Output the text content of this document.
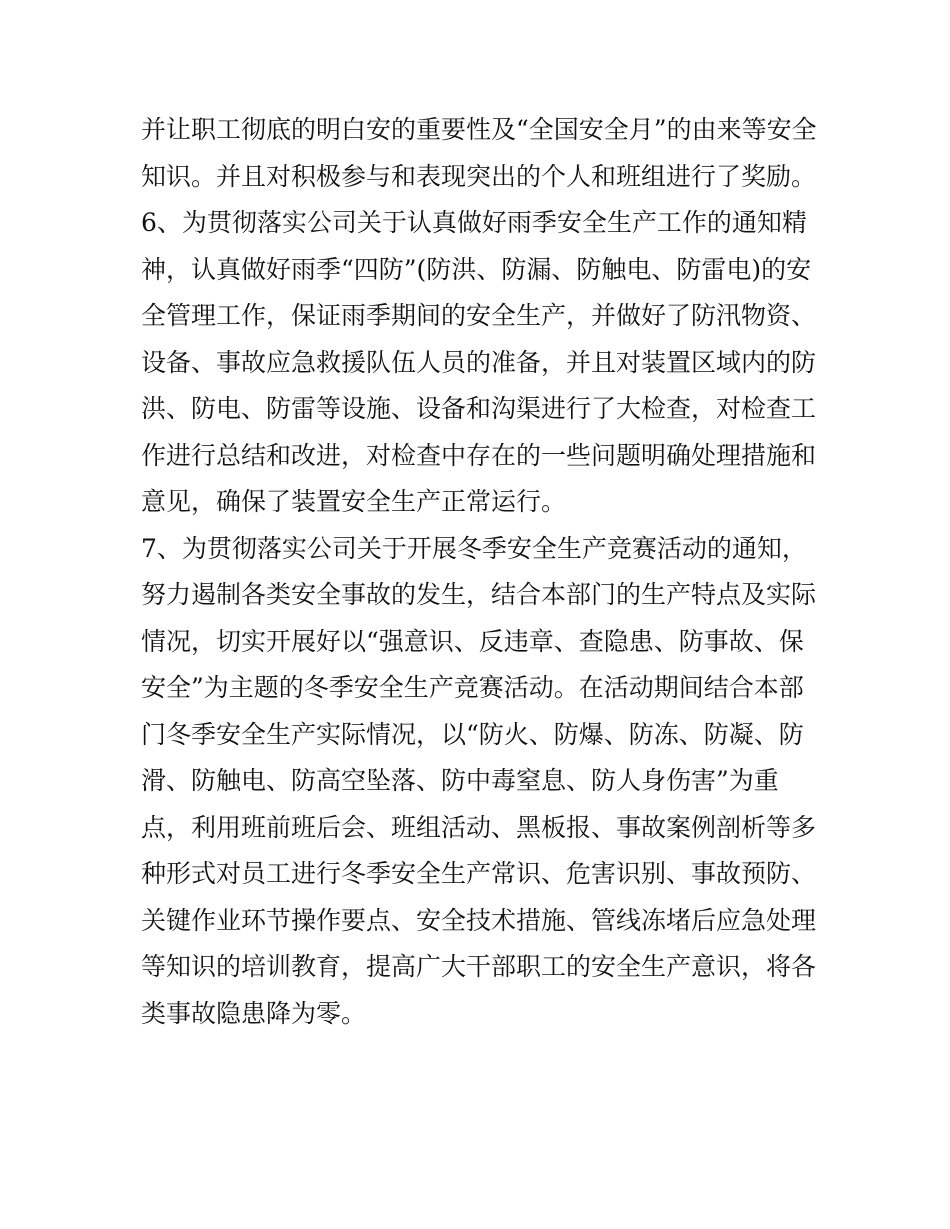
并让职工彻底的明白安的重要性及“全国安全月”的由来等安全
知识。并且对积极参与和表现突出的个人和班组进行了奖励。
6、为贯彻落实公司关于认真做好雨季安全生产工作的通知精
神，认真做好雨季“四防”(防洪、防漏、防触电、防雷电)的安
全管理工作，保证雨季期间的安全生产，并做好了防汛物资、
设备、事故应急救援队伍人员的准备，并且对装置区域内的防
洪、防电、防雷等设施、设备和沟渠进行了大检查，对检查工
作进行总结和改进，对检查中存在的一些问题明确处理措施和
意见，确保了装置安全生产正常运行。
7、为贯彻落实公司关于开展冬季安全生产竞赛活动的通知，
努力遏制各类安全事故的发生，结合本部门的生产特点及实际
情况，切实开展好以“强意识、反违章、查隐患、防事故、保
安全”为主题的冬季安全生产竞赛活动。在活动期间结合本部
门冬季安全生产实际情况，以“防火、防爆、防冻、防凝、防
滑、防触电、防高空坠落、防中毒窒息、防人身伤害”为重
点，利用班前班后会、班组活动、黑板报、事故案例剖析等多
种形式对员工进行冬季安全生产常识、危害识别、事故预防、
关键作业环节操作要点、安全技术措施、管线冻堵后应急处理
等知识的培训教育，提高广大干部职工的安全生产意识，将各
类事故隐患降为零。
